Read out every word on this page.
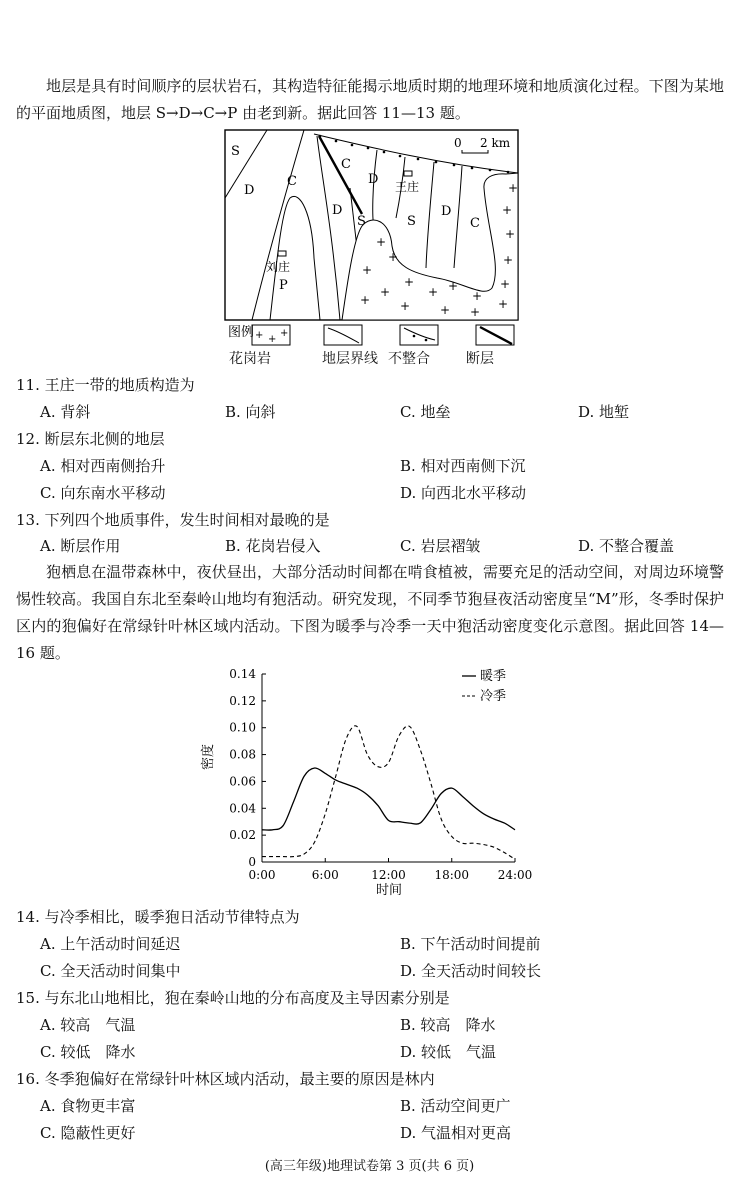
地层是具有时间顺序的层状岩石，其构造特征能揭示地质时期的地理环境和地质演化过程。下图为某地的平面地质图，地层 S→D→C→P 由老到新。据此回答 11—13 题。
+
+
+
+
+
+
+
+
+
+
+
+ +
+
+ + + +
S
D
C
C
D
D
S	S
D
C
P
王庄
刘庄
0 2 km
图例 + +
+
花岗岩	地层界线 不整合	断层
11. 王庄一带的地质构造为
A. 背斜	B. 向斜	C. 地垒	D. 地堑
12. 断层东北侧的地层
A. 相对西南侧抬升	B. 相对西南侧下沉
C. 向东南水平移动	D. 向西北水平移动
13. 下列四个地质事件，发生时间相对最晚的是
A. 断层作用	B. 花岗岩侵入	C. 岩层褶皱	D. 不整合覆盖
狍栖息在温带森林中，夜伏昼出，大部分活动时间都在啃食植被，需要充足的活动空间，对周边环境警惕性较高。我国自东北至秦岭山地均有狍活动。研究发现，不同季节狍昼夜活动密度呈“M”形，冬季时保护区内的狍偏好在常绿针叶林区域内活动。下图为暖季与冷季一天中狍活动密度变化示意图。据此回答 14—16 题。
0
0.02
0.04
0.06
0.08
0.10
0.12
0.14
0:00	6:00	12:00 18:00 24:00
密度
时间
暖季
冷季
14. 与冷季相比，暖季狍日活动节律特点为
A. 上午活动时间延迟	B. 下午活动时间提前
C. 全天活动时间集中	D. 全天活动时间较长
15. 与东北山地相比，狍在秦岭山地的分布高度及主导因素分别是
A. 较高　气温	B. 较高　降水
C. 较低　降水	D. 较低　气温
16. 冬季狍偏好在常绿针叶林区域内活动，最主要的原因是林内
A. 食物更丰富	B. 活动空间更广
C. 隐蔽性更好	D. 气温相对更高
(高三年级)地理试卷第 3 页(共 6 页)
